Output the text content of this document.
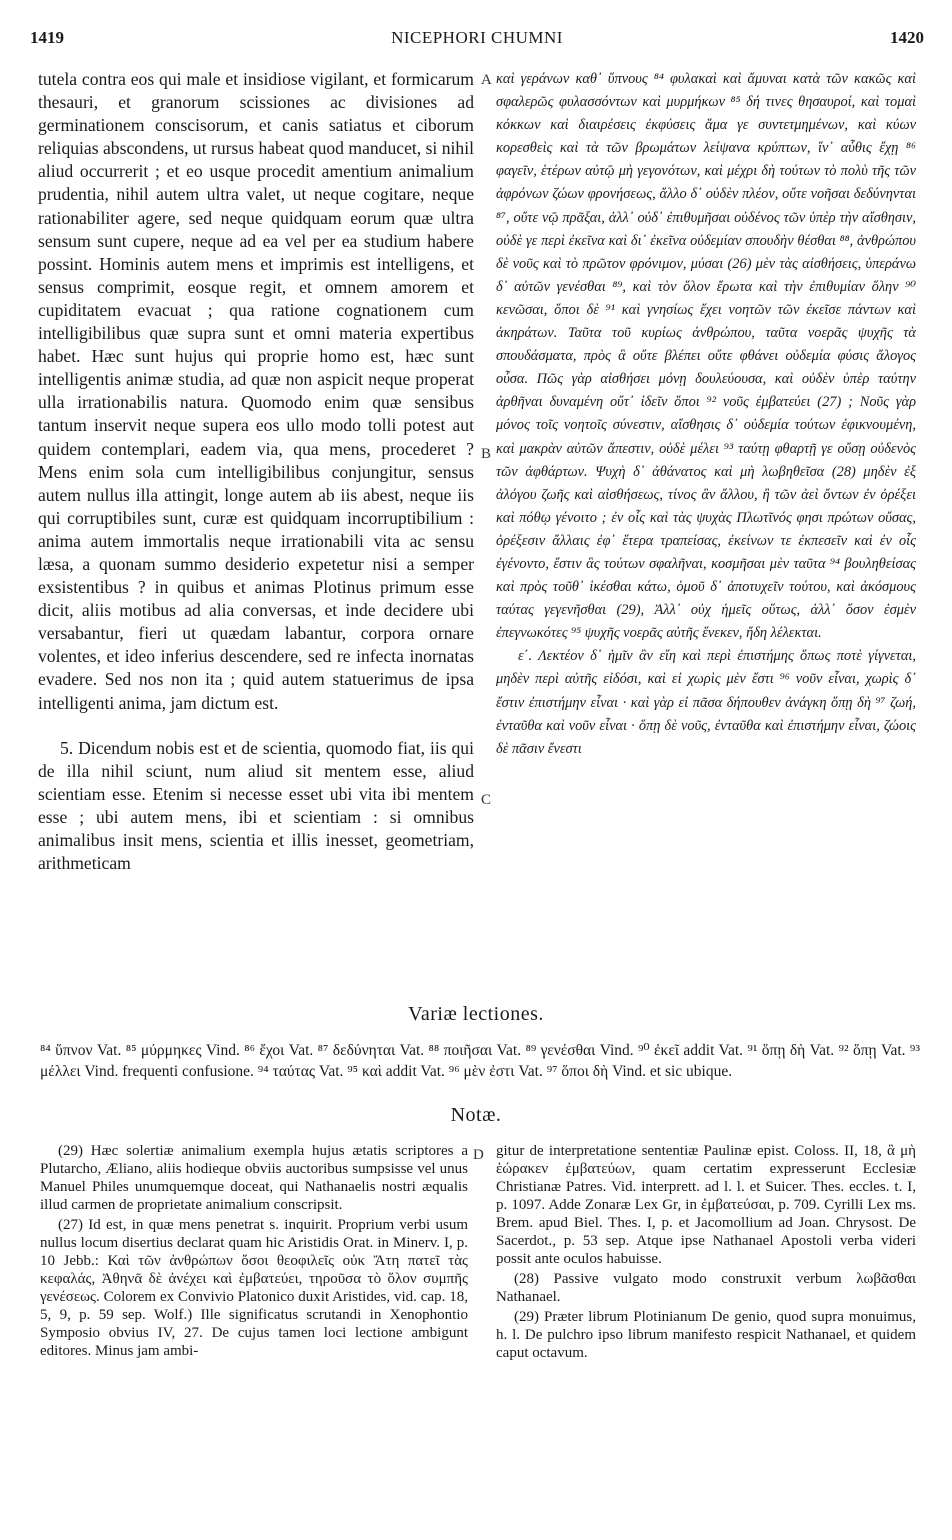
1419	NICEPHORI CHUMNI	1420
A
B
C
D

tutela contra eos qui male et insidiose vigilant, et formicarum thesauri, et granorum scissiones ac divisiones ad germinationem conscisorum, et canis satiatus et ciborum reliquias abscondens, ut rursus habeat quod manducet, si nihil aliud occurrerit ; et eo usque procedit amentium animalium prudentia, nihil autem ultra valet, ut neque cogitare, neque rationabiliter agere, sed neque quidquam eorum quæ ultra sensum sunt cupere, neque ad ea vel per ea studium habere possint. Hominis autem mens et imprimis est intelligens, et sensus comprimit, eosque regit, et omnem amorem et cupiditatem evacuat ; qua ratione cognationem cum intelligibilibus quæ supra sunt et omni materia expertibus habet. Hæc sunt hujus qui proprie homo est, hæc sunt intelligentis animæ studia, ad quæ non aspicit neque properat ulla irrationabilis natura. Quomodo enim quæ sensibus tantum inservit neque supera eos ullo modo tolli potest aut quidem contemplari, eadem via, qua mens, procederet ? Mens enim sola cum intelligibilibus conjungitur, sensus autem nullus illa attingit, longe autem ab iis abest, neque iis qui corruptibiles sunt, curæ est quidquam incorruptibilium : anima autem immortalis neque irrationabili vita ac sensu læsa, a quonam summo desiderio expetetur nisi a semper exsistentibus ? in quibus et animas Plotinus primum esse dicit, aliis motibus ad alia conversas, et inde decidere ubi versabantur, fieri ut quædam labantur, corpora ornare volentes, et ideo inferius descendere, sed re infecta inornatas evadere. Sed nos non ita ; quid autem statuerimus de ipsa intelligenti anima, jam dictum est.

5. Dicendum nobis est et de scientia, quomodo fiat, iis qui de illa nihil sciunt, num aliud sit mentem esse, aliud scientiam esse. Etenim si necesse esset ubi vita ibi mentem esse ; ubi autem mens, ibi et scientiam : si omnibus animalibus insit mens, scientia et illis inesset, geometriam, arithmeticam

καὶ γεράνων καθ᾿ ὕπνους ⁸⁴ φυλακαὶ καὶ ἄμυναι κατὰ τῶν κακῶς καὶ σφαλερῶς φυλασσόντων καὶ μυρμήκων ⁸⁵ δή τινες θησαυροί, καὶ τομαὶ κόκκων καὶ διαιρέσεις ἐκφύσεις ἅμα γε συντετμημένων, καὶ κύων κορεσθεὶς καὶ τὰ τῶν βρωμάτων λείψανα κρύπτων, ἵν᾿ αὖθις ἔχῃ ⁸⁶ φαγεῖν, ἑτέρων αὐτῷ μὴ γεγονότων, καὶ μέχρι δὴ τούτων τὸ πολὺ τῆς τῶν ἀφρόνων ζώων φρονήσεως, ἄλλο δ᾿ οὐδὲν πλέον, οὔτε νοῆσαι δεδύνηνται ⁸⁷, οὔτε νῷ πρᾶξαι, ἀλλ᾿ οὐδ᾿ ἐπιθυμῆσαι οὐδένος τῶν ὑπὲρ τὴν αἴσθησιν, οὐδὲ γε περὶ ἐκεῖνα καὶ δι᾿ ἐκεῖνα οὐδεμίαν σπουδὴν θέσθαι ⁸⁸, ἀνθρώπου δὲ νοῦς καὶ τὸ πρῶτον φρόνιμον, μύσαι (26) μὲν τὰς αἰσθήσεις, ὑπεράνω δ᾿ αὐτῶν γενέσθαι ⁸⁹, καὶ τὸν ὅλον ἔρωτα καὶ τὴν ἐπιθυμίαν ὅλην ⁹⁰ κενῶσαι, ὅποι δὲ ⁹¹ καὶ γνησίως ἔχει νοητῶν τῶν ἐκεῖσε πάντων καὶ ἀκηράτων. Ταῦτα τοῦ κυρίως ἀνθρώπου, ταῦτα νοερᾶς ψυχῆς τὰ σπουδάσματα, πρὸς ἃ οὔτε βλέπει οὔτε φθάνει οὐδεμία φύσις ἄλογος οὖσα. Πῶς γὰρ αἰσθήσει μόνῃ δουλεύουσα, καὶ οὐδὲν ὑπὲρ ταύτην ἀρθῆναι δυναμένη οὔτ᾿ ἰδεῖν ὅποι ⁹² νοῦς ἐμβατεύει (27) ; Νοῦς γὰρ μόνος τοῖς νοητοῖς σύνεστιν, αἴσθησις δ᾿ οὐδεμία τούτων ἐφικνουμένη, καὶ μακρὰν αὐτῶν ἄπεστιν, οὐδὲ μέλει ⁹³ ταύτῃ φθαρτῇ γε οὔσῃ οὐδενὸς τῶν ἀφθάρτων. Ψυχὴ δ᾿ ἀθάνατος καὶ μὴ λωβηθεῖσα (28) μηδὲν ἐξ ἀλόγου ζωῆς καὶ αἰσθήσεως, τίνος ἂν ἄλλου, ἢ τῶν ἀεὶ ὄντων ἐν ὀρέξει καὶ πόθῳ γένοιτο ; ἐν οἷς καὶ τὰς ψυχὰς Πλωτῖνός φησι πρώτων οὔσας, ὀρέξεσιν ἄλλαις ἐφ᾿ ἕτερα τραπείσας, ἐκείνων τε ἐκπεσεῖν καὶ ἐν οἷς ἐγένοντο, ἔστιν ἃς τούτων σφαλῆναι, κοσμῆσαι μὲν ταῦτα ⁹⁴ βουληθείσας καὶ πρὸς τοῦθ᾿ ἱκέσθαι κάτω, ὁμοῦ δ᾿ ἀποτυχεῖν τούτου, καὶ ἀκόσμους ταύτας γεγενῆσθαι (29), Ἀλλ᾿ οὐχ ἡμεῖς οὕτως, ἀλλ᾿ ὅσον ἐσμὲν ἐπεγνωκότες ⁹⁵ ψυχῆς νοερᾶς αὐτῆς ἕνεκεν, ἤδη λέλεκται.

ε΄. Λεκτέον δ᾿ ἡμῖν ἂν εἴη καὶ περὶ ἐπιστήμης ὅπως ποτὲ γίγνεται, μηδὲν περὶ αὐτῆς εἰδόσι, καὶ εἰ χωρὶς μὲν ἔστι ⁹⁶ νοῦν εἶναι, χωρὶς δ᾿ ἔστιν ἐπιστήμην εἶναι · καὶ γὰρ εἰ πᾶσα δήπουθεν ἀνάγκη ὅπῃ δὴ ⁹⁷ ζωή, ἐνταῦθα καὶ νοῦν εἶναι · ὅπῃ δὲ νοῦς, ἐνταῦθα καὶ ἐπιστήμην εἶναι, ζώοις δὲ πᾶσιν ἔνεστι

Variæ lectiones.
⁸⁴ ὕπνον Vat. ⁸⁵ μύρμηκες Vind. ⁸⁶ ἔχοι Vat. ⁸⁷ δεδύνηται Vat. ⁸⁸ ποιῆσαι Vat. ⁸⁹ γενέσθαι Vind. ⁹⁰ ἐκεῖ addit Vat. ⁹¹ ὅπῃ δὴ Vat. ⁹² ὅπῃ Vat. ⁹³ μέλλει Vind. frequenti confusione. ⁹⁴ ταύτας Vat. ⁹⁵ καὶ addit Vat. ⁹⁶ μὲν ἐστι Vat. ⁹⁷ ὅποι δὴ Vind. et sic ubique.
Notæ.

(29) Hæc solertiæ animalium exempla hujus ætatis scriptores a Plutarcho, Æliano, aliis hodieque obviis auctoribus sumpsisse vel unus Manuel Philes unumquemque doceat, qui Nathanaelis nostri æqualis illud carmen de proprietate animalium conscripsit.

(27) Id est, in quæ mens penetrat s. inquirit. Proprium verbi usum nullus locum disertius declarat quam hic Aristidis Orat. in Minerv. I, p. 10 Jebb.: Καὶ τῶν ἀνθρώπων ὅσοι θεοφιλεῖς οὐκ Ἄτη πατεῖ τὰς κεφαλάς, Ἀθηνᾶ δὲ ἀνέχει καὶ ἐμβατεύει, τηροῦσα τὸ ὅλον συμπῆς γενέσεως. Colorem ex Convivio Platonico duxit Aristides, vid. cap. 18, 5, 9, p. 59 sep. Wolf.) Ille significatus scrutandi in Xenophontio Symposio obvius IV, 27. De cujus tamen loci lectione ambigunt editores. Minus jam ambi-

gitur de interpretatione sententiæ Paulinæ epist. Coloss. II, 18, ἃ μὴ ἑώρακεν ἐμβατεύων, quam certatim expresserunt Ecclesiæ Christianæ Patres. Vid. interprett. ad l. l. et Suicer. Thes. eccles. t. I, p. 1097. Adde Zonaræ Lex Gr, in ἐμβατεύσαι, p. 709. Cyrilli Lex ms. Brem. apud Biel. Thes. I, p. et Jacomollium ad Joan. Chrysost. De Sacerdot., p. 53 sep. Atque ipse Nathanael Apostoli verba videri possit ante oculos habuisse.

(28) Passive vulgato modo construxit verbum λωβᾶσθαι Nathanael.

(29) Præter librum Plotinianum De genio, quod supra monuimus, h. l. De pulchro ipso librum manifesto respicit Nathanael, et quidem caput octavum.
